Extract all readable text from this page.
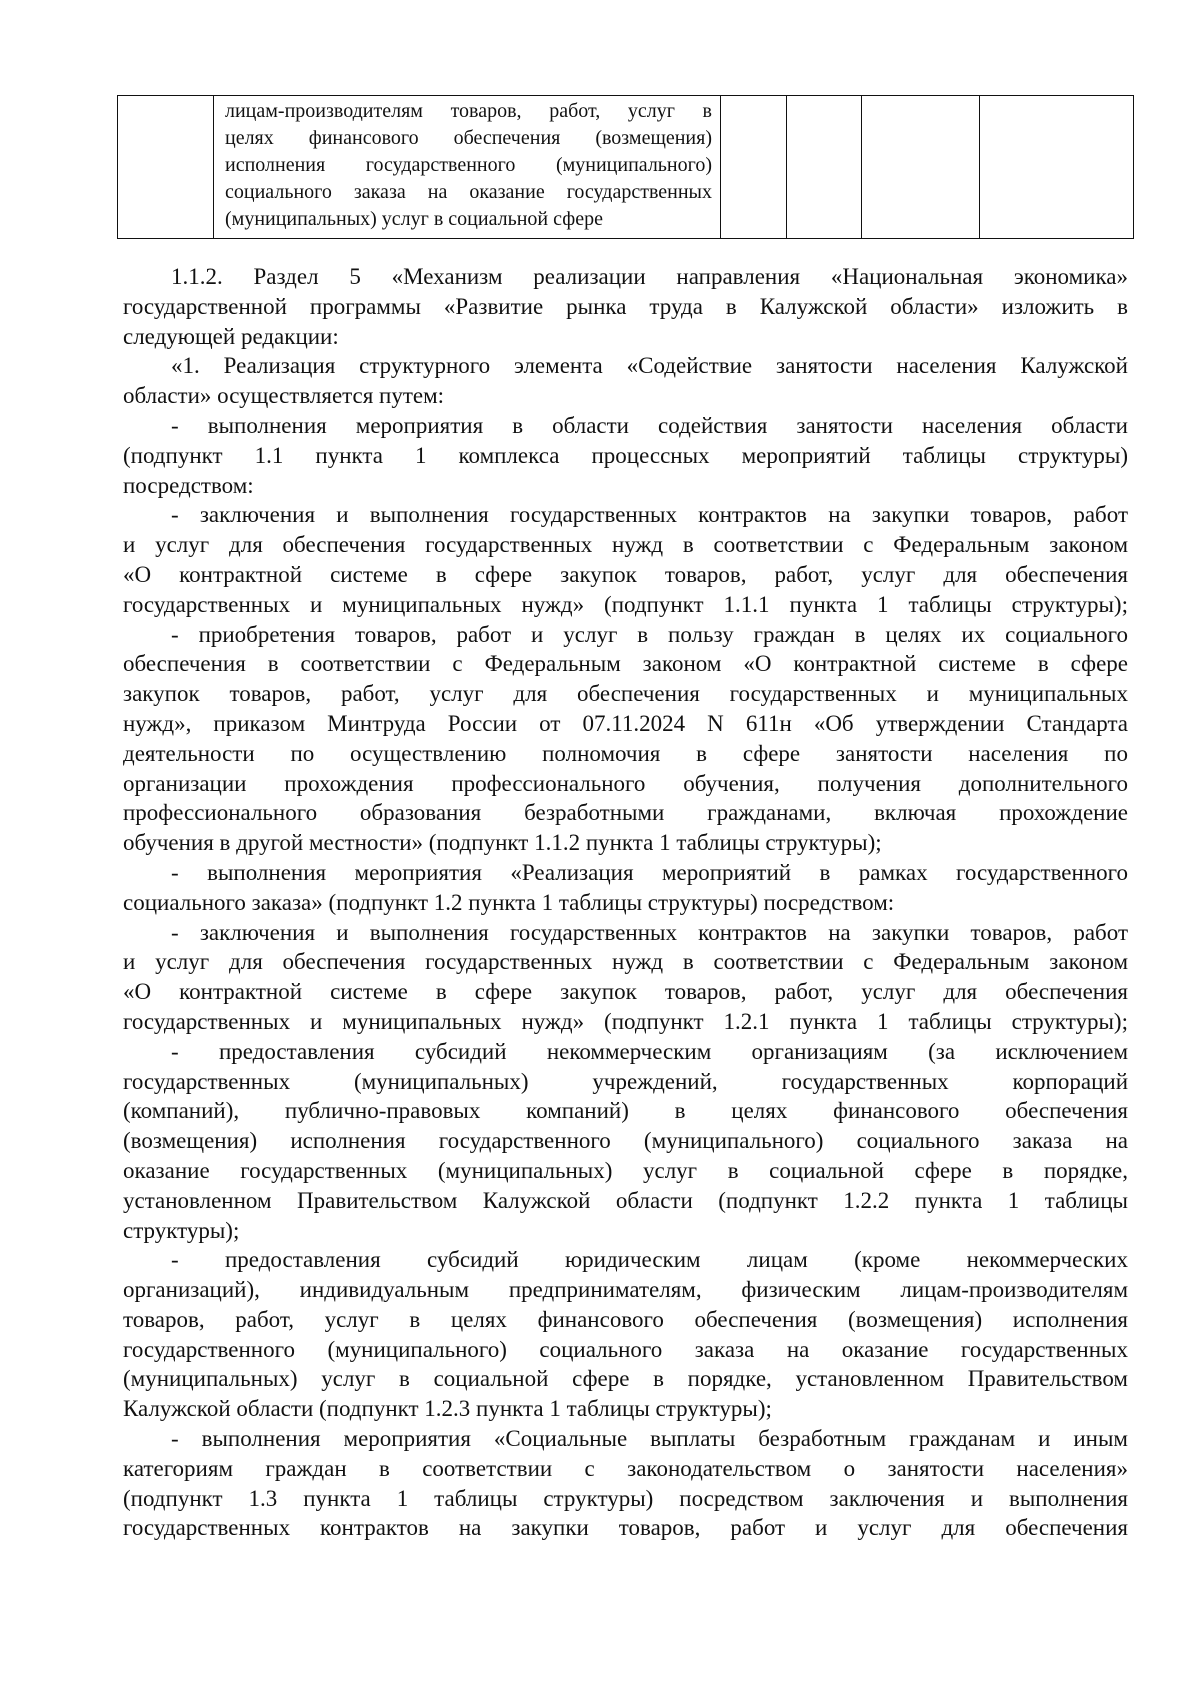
лицам-производителям товаров, работ, услуг в
целях финансового обеспечения (возмещения)
исполнения государственного (муниципального)
социального заказа на оказание государственных
(муниципальных) услуг в социальной сфере

1.1.2. Раздел 5 «Механизм реализации направления «Национальная экономика»
государственной программы «Развитие рынка труда в Калужской области» изложить в
следующей редакции:
«1. Реализация структурного элемента «Содействие занятости населения Калужской
области» осуществляется путем:
- выполнения мероприятия в области содействия занятости населения области
(подпункт 1.1 пункта 1 комплекса процессных мероприятий таблицы структуры)
посредством:
- заключения и выполнения государственных контрактов на закупки товаров, работ
и услуг для обеспечения государственных нужд в соответствии с Федеральным законом
«О контрактной системе в сфере закупок товаров, работ, услуг для обеспечения
государственных и муниципальных нужд» (подпункт 1.1.1 пункта 1 таблицы структуры);
- приобретения товаров, работ и услуг в пользу граждан в целях их социального
обеспечения в соответствии с Федеральным законом «О контрактной системе в сфере
закупок товаров, работ, услуг для обеспечения государственных и муниципальных
нужд», приказом Минтруда России от 07.11.2024 N 611н «Об утверждении Стандарта
деятельности по осуществлению полномочия в сфере занятости населения по
организации прохождения профессионального обучения, получения дополнительного
профессионального образования безработными гражданами, включая прохождение
обучения в другой местности» (подпункт 1.1.2 пункта 1 таблицы структуры);
- выполнения мероприятия «Реализация мероприятий в рамках государственного
социального заказа» (подпункт 1.2 пункта 1 таблицы структуры) посредством:
- заключения и выполнения государственных контрактов на закупки товаров, работ
и услуг для обеспечения государственных нужд в соответствии с Федеральным законом
«О контрактной системе в сфере закупок товаров, работ, услуг для обеспечения
государственных и муниципальных нужд» (подпункт 1.2.1 пункта 1 таблицы структуры);
- предоставления субсидий некоммерческим организациям (за исключением
государственных (муниципальных) учреждений, государственных корпораций
(компаний), публично-правовых компаний) в целях финансового обеспечения
(возмещения) исполнения государственного (муниципального) социального заказа на
оказание государственных (муниципальных) услуг в социальной сфере в порядке,
установленном Правительством Калужской области (подпункт 1.2.2 пункта 1 таблицы
структуры);
- предоставления субсидий юридическим лицам (кроме некоммерческих
организаций), индивидуальным предпринимателям, физическим лицам-производителям
товаров, работ, услуг в целях финансового обеспечения (возмещения) исполнения
государственного (муниципального) социального заказа на оказание государственных
(муниципальных) услуг в социальной сфере в порядке, установленном Правительством
Калужской области (подпункт 1.2.3 пункта 1 таблицы структуры);
- выполнения мероприятия «Социальные выплаты безработным гражданам и иным
категориям граждан в соответствии с законодательством о занятости населения»
(подпункт 1.3 пункта 1 таблицы структуры) посредством заключения и выполнения
государственных контрактов на закупки товаров, работ и услуг для обеспечения
